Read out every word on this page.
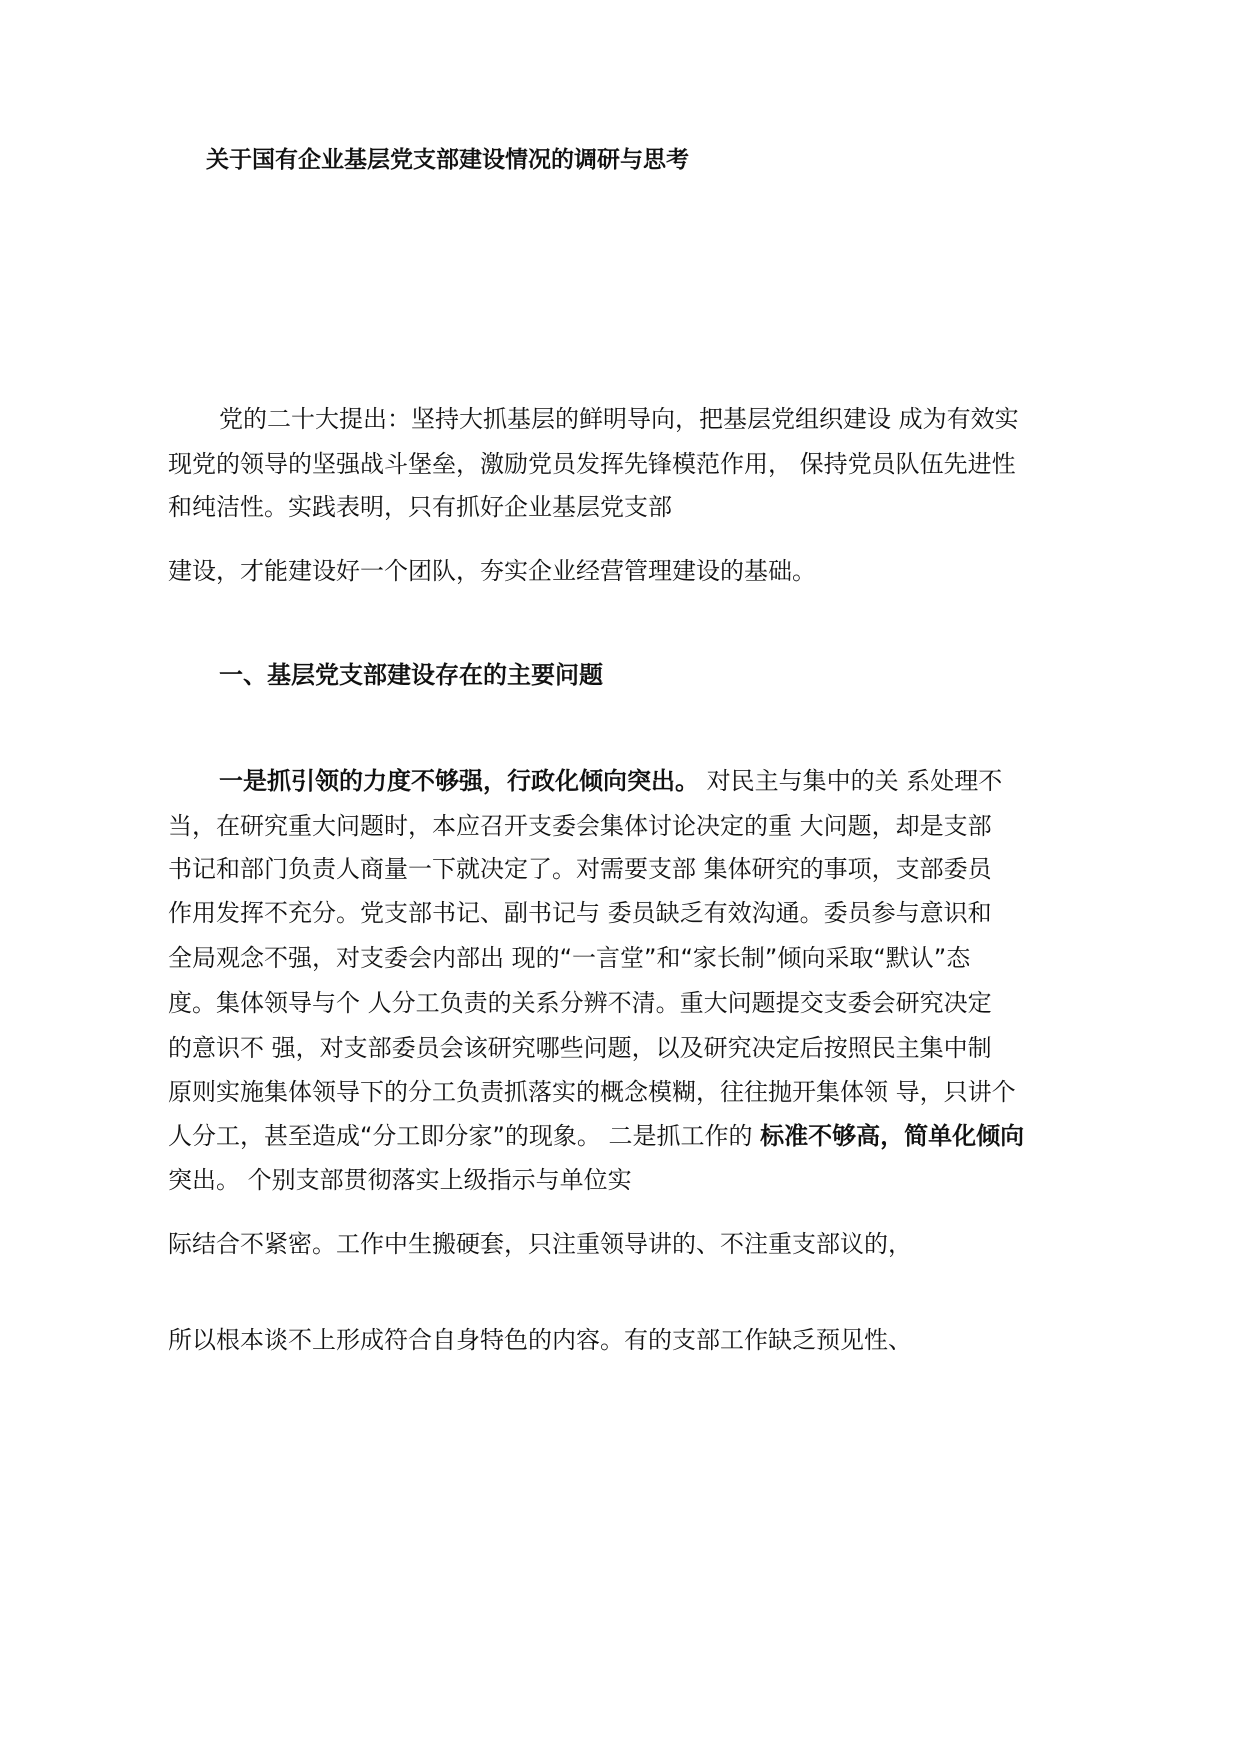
关于国有企业基层党支部建设情况的调研与思考
党的二十大提出：坚持大抓基层的鲜明导向，把基层党组织建设 成为有效实
现党的领导的坚强战斗堡垒，激励党员发挥先锋模范作用， 保持党员队伍先进性
和纯洁性。实践表明，只有抓好企业基层党支部
建设，才能建设好一个团队，夯实企业经营管理建设的基础。
一、基层党支部建设存在的主要问题
一是抓引领的力度不够强，行政化倾向突出。 对民主与集中的关 系处理不
当，在研究重大问题时，本应召开支委会集体讨论决定的重 大问题，却是支部
书记和部门负责人商量一下就决定了。对需要支部 集体研究的事项，支部委员
作用发挥不充分。党支部书记、副书记与 委员缺乏有效沟通。委员参与意识和
全局观念不强，对支委会内部出 现的“一言堂”和“家长制”倾向采取“默认”态
度。集体领导与个 人分工负责的关系分辨不清。重大问题提交支委会研究决定
的意识不 强，对支部委员会该研究哪些问题，以及研究决定后按照民主集中制
原则实施集体领导下的分工负责抓落实的概念模糊，往往抛开集体领 导，只讲个
人分工，甚至造成“分工即分家”的现象。 二是抓工作的 标准不够高，简单化倾向
突出。 个别支部贯彻落实上级指示与单位实
际结合不紧密。工作中生搬硬套，只注重领导讲的、不注重支部议的，
所以根本谈不上形成符合自身特色的内容。有的支部工作缺乏预见性、
